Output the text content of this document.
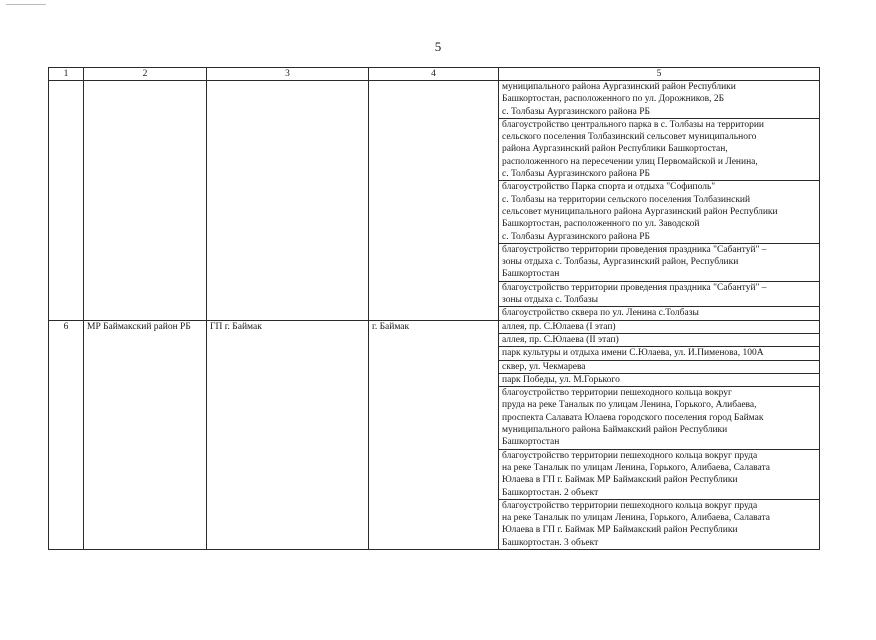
5
1	2	3	4	5
				муниципального района Аургазинский район Республики
Башкортостан, расположенного по ул. Дорожников, 2Б
с. Толбазы Аургазинского района РБ
				благоустройство центрального парка в с. Толбазы на территории
сельского поселения Толбазинский сельсовет муниципального
района Аургазинский район Республики Башкортостан,
расположенного на пересечении улиц Первомайской и Ленина,
с. Толбазы Аургазинского района РБ
				благоустройство Парка спорта и отдыха "Софиполь"
с. Толбазы на территории сельского поселения Толбазинский
сельсовет муниципального района Аургазинский район Республики
Башкортостан, расположенного по ул. Заводской
с. Толбазы Аургазинского района РБ
				благоустройство территории проведения праздника "Сабантуй" –
зоны отдыха с. Толбазы, Аургазинский район, Республики
Башкортостан
				благоустройство территории проведения праздника "Сабантуй" –
зоны отдыха с. Толбазы
				благоустройство сквера по ул. Ленина с.Толбазы
6	МР Баймакский район РБ	ГП г. Баймак	г. Баймак	аллея, пр. С.Юлаева (I этап)
				аллея, пр. С.Юлаева (II этап)
				парк культуры и отдыха имени С.Юлаева, ул. И.Пименова, 100А
				сквер, ул. Чекмарева
				парк Победы, ул. М.Горького
				благоустройство территории пешеходного кольца вокруг
пруда на реке Таналык по улицам Ленина, Горького, Алибаева,
проспекта Салавата Юлаева городского поселения город Баймак
муниципального района Баймакский район Республики
Башкортостан
				благоустройство территории пешеходного кольца вокруг пруда
на реке Таналык по улицам Ленина, Горького, Алибаева, Салавата
Юлаева в ГП г. Баймак МР Баймакский район Республики
Башкортостан. 2 объект
				благоустройство территории пешеходного кольца вокруг пруда
на реке Таналык по улицам Ленина, Горького, Алибаева, Салавата
Юлаева в ГП г. Баймак МР Баймакский район Республики
Башкортостан. 3 объект
